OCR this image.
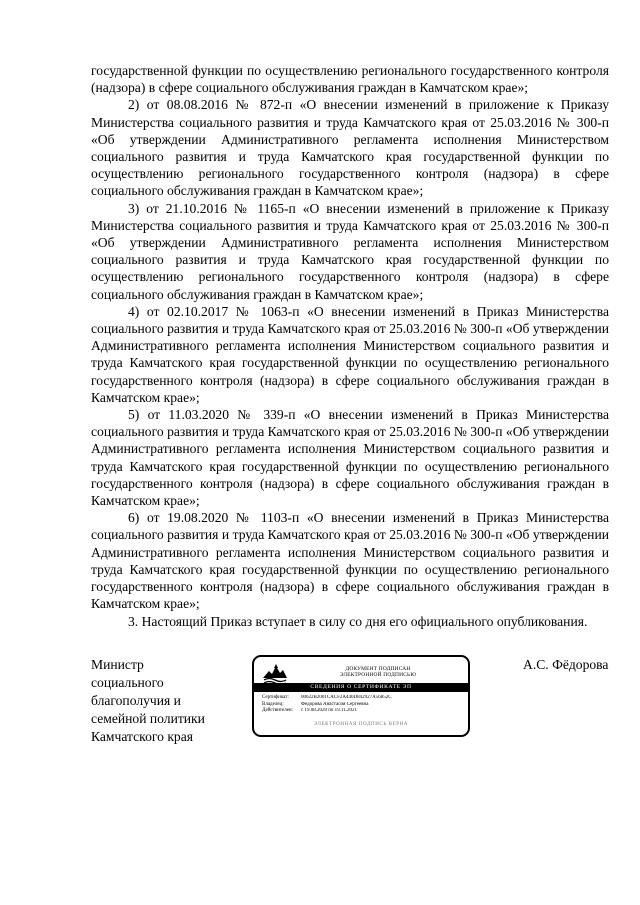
государственной функции по осуществлению регионального государственного контроля (надзора) в сфере социального обслуживания граждан в Камчатском крае»;

2) от 08.08.2016 № 872-п «О внесении изменений в приложение к Приказу Министерства социального развития и труда Камчатского края от 25.03.2016 № 300-п «Об утверждении Административного регламента исполнения Министерством социального развития и труда Камчатского края государственной функции по осуществлению регионального государственного контроля (надзора) в сфере социального обслуживания граждан в Камчатском крае»;

3) от 21.10.2016 № 1165-п «О внесении изменений в приложение к Приказу Министерства социального развития и труда Камчатского края от 25.03.2016 № 300-п «Об утверждении Административного регламента исполнения Министерством социального развития и труда Камчатского края государственной функции по осуществлению регионального государственного контроля (надзора) в сфере социального обслуживания граждан в Камчатском крае»;

4) от 02.10.2017 № 1063-п «О внесении изменений в Приказ Министерства социального развития и труда Камчатского края от 25.03.2016 № 300-п «Об утверждении Административного регламента исполнения Министерством социального развития и труда Камчатского края государственной функции по осуществлению регионального государственного контроля (надзора) в сфере социального обслуживания граждан в Камчатском крае»;

5) от 11.03.2020 № 339-п «О внесении изменений в Приказ Министерства социального развития и труда Камчатского края от 25.03.2016 № 300-п «Об утверждении Административного регламента исполнения Министерством социального развития и труда Камчатского края государственной функции по осуществлению регионального государственного контроля (надзора) в сфере социального обслуживания граждан в Камчатском крае»;

6) от 19.08.2020 № 1103-п «О внесении изменений в Приказ Министерства социального развития и труда Камчатского края от 25.03.2016 № 300-п «Об утверждении Административного регламента исполнения Министерством социального развития и труда Камчатского края государственной функции по осуществлению регионального государственного контроля (надзора) в сфере социального обслуживания граждан в Камчатском крае»;

3. Настоящий Приказ вступает в силу со дня его официального опубликования.

Министр
социального
благополучия и
семейной политики
Камчатского края
ДОКУМЕНТ ПОДПИСАН
ЭЛЕКТРОННОЙ ПОДПИСЬЮ
СВЕДЕНИЯ О СЕРТИФИКАТЕ ЭП
Сертификат:	00622B2001CACF2A440D842927A56852C
Владелец:	Фёдорова Анастасия Сергеевна
Действителен:	с 19.08.2020 по 19.11.2021
ЭЛЕКТРОННАЯ ПОДПИСЬ ВЕРНА
А.С. Фёдорова
